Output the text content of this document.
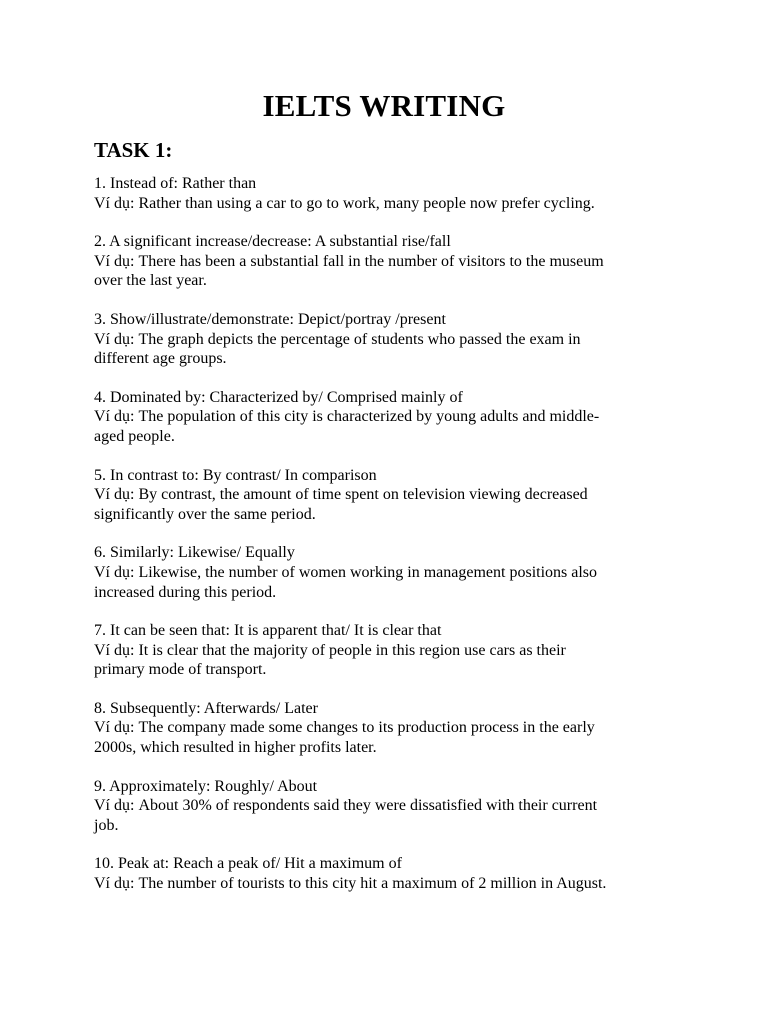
IELTS WRITING
TASK 1:
1. Instead of: Rather than
Ví dụ: Rather than using a car to go to work, many people now prefer cycling.
2. A significant increase/decrease: A substantial rise/fall
Ví dụ: There has been a substantial fall in the number of visitors to the museum
over the last year.
3. Show/illustrate/demonstrate: Depict/portray /present
Ví dụ: The graph depicts the percentage of students who passed the exam in
different age groups.
4. Dominated by: Characterized by/ Comprised mainly of
Ví dụ: The population of this city is characterized by young adults and middle-
aged people.
5. In contrast to: By contrast/ In comparison
Ví dụ: By contrast, the amount of time spent on television viewing decreased
significantly over the same period.
6. Similarly: Likewise/ Equally
Ví dụ: Likewise, the number of women working in management positions also
increased during this period.
7. It can be seen that: It is apparent that/ It is clear that
Ví dụ: It is clear that the majority of people in this region use cars as their
primary mode of transport.
8. Subsequently: Afterwards/ Later
Ví dụ: The company made some changes to its production process in the early
2000s, which resulted in higher profits later.
9. Approximately: Roughly/ About
Ví dụ: About 30% of respondents said they were dissatisfied with their current
job.
10. Peak at: Reach a peak of/ Hit a maximum of
Ví dụ: The number of tourists to this city hit a maximum of 2 million in August.
